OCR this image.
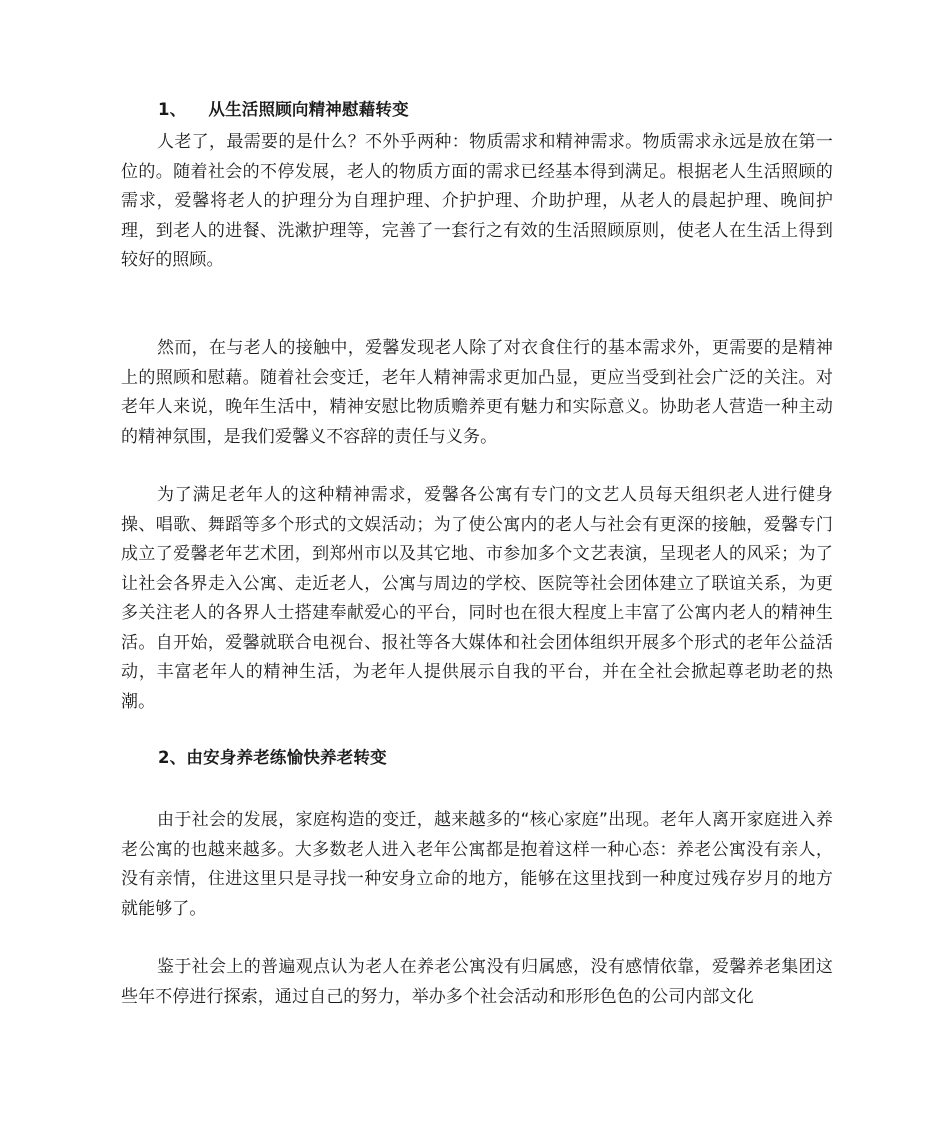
1、 从生活照顾向精神慰藉转变

人老了，最需要的是什么？不外乎两种：物质需求和精神需求。物质需求永远是放在第一位的。随着社会的不停发展，老人的物质方面的需求已经基本得到满足。根据老人生活照顾的需求，爱馨将老人的护理分为自理护理、介护护理、介助护理，从老人的晨起护理、晚间护理，到老人的进餐、洗漱护理等，完善了一套行之有效的生活照顾原则，使老人在生活上得到较好的照顾。

然而，在与老人的接触中，爱馨发现老人除了对衣食住行的基本需求外，更需要的是精神上的照顾和慰藉。随着社会变迁，老年人精神需求更加凸显，更应当受到社会广泛的关注。对老年人来说，晚年生活中，精神安慰比物质赡养更有魅力和实际意义。协助老人营造一种主动的精神氛围，是我们爱馨义不容辞的责任与义务。

为了满足老年人的这种精神需求，爱馨各公寓有专门的文艺人员每天组织老人进行健身操、唱歌、舞蹈等多个形式的文娱活动；为了使公寓内的老人与社会有更深的接触，爱馨专门成立了爱馨老年艺术团，到郑州市以及其它地、市参加多个文艺表演，呈现老人的风采；为了让社会各界走入公寓、走近老人，公寓与周边的学校、医院等社会团体建立了联谊关系，为更多关注老人的各界人士搭建奉献爱心的平台，同时也在很大程度上丰富了公寓内老人的精神生活。自开始，爱馨就联合电视台、报社等各大媒体和社会团体组织开展多个形式的老年公益活动，丰富老年人的精神生活，为老年人提供展示自我的平台，并在全社会掀起尊老助老的热潮。

2、由安身养老练愉快养老转变

由于社会的发展，家庭构造的变迁，越来越多的“核心家庭”出现。老年人离开家庭进入养老公寓的也越来越多。大多数老人进入老年公寓都是抱着这样一种心态：养老公寓没有亲人，没有亲情，住进这里只是寻找一种安身立命的地方，能够在这里找到一种度过残存岁月的地方就能够了。

鉴于社会上的普遍观点认为老人在养老公寓没有归属感，没有感情依靠，爱馨养老集团这些年不停进行探索，通过自己的努力，举办多个社会活动和形形色色的公司内部文化
